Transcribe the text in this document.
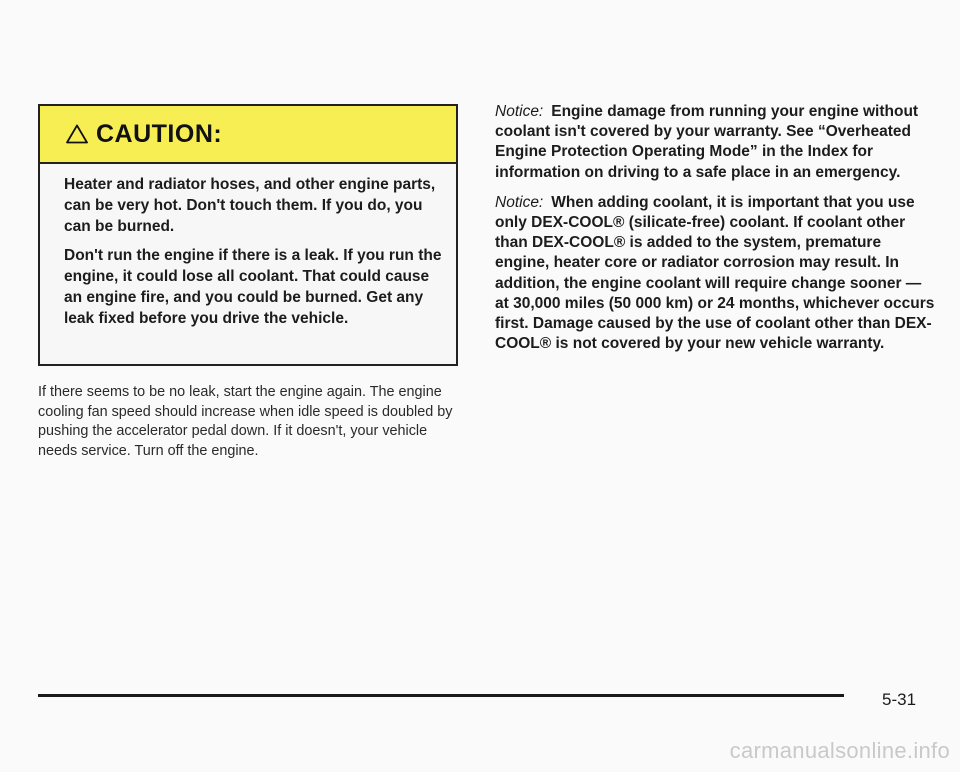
CAUTION:

Heater and radiator hoses, and other engine parts, can be very hot. Don't touch them. If you do, you can be burned.

Don't run the engine if there is a leak. If you run the engine, it could lose all coolant. That could cause an engine fire, and you could be burned. Get any leak fixed before you drive the vehicle.

If there seems to be no leak, start the engine again. The engine cooling fan speed should increase when idle speed is doubled by pushing the accelerator pedal down. If it doesn't, your vehicle needs service. Turn off the engine.

Notice: Engine damage from running your engine without coolant isn't covered by your warranty. See “Overheated Engine Protection Operating Mode” in the Index for information on driving to a safe place in an emergency.

Notice: When adding coolant, it is important that you use only DEX-COOL® (silicate-free) coolant. If coolant other than DEX-COOL® is added to the system, premature engine, heater core or radiator corrosion may result. In addition, the engine coolant will require change sooner — at 30,000 miles (50 000 km) or 24 months, whichever occurs first. Damage caused by the use of coolant other than DEX-COOL® is not covered by your new vehicle warranty.

5-31
carmanualsonline.info
